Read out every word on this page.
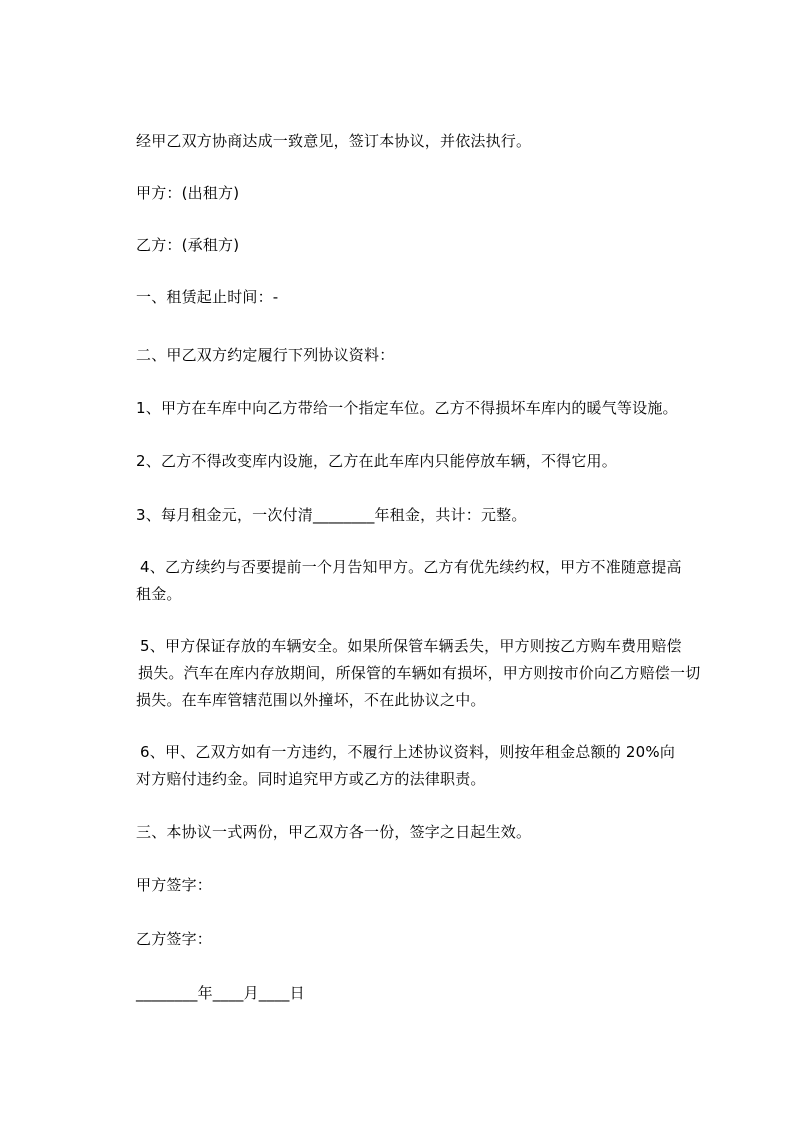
经甲乙双方协商达成一致意见，签订本协议，并依法执行。
甲方：(出租方)
乙方：(承租方)
一、租赁起止时间：-
二、甲乙双方约定履行下列协议资料：
1、甲方在车库中向乙方带给一个指定车位。乙方不得损坏车库内的暖气等设施。
2、乙方不得改变库内设施，乙方在此车库内只能停放车辆，不得它用。
3、每月租金元，一次付清________年租金，共计：元整。
4、乙方续约与否要提前一个月告知甲方。乙方有优先续约权，甲方不准随意提高
租金。
5、甲方保证存放的车辆安全。如果所保管车辆丢失，甲方则按乙方购车费用赔偿
损失。汽车在库内存放期间，所保管的车辆如有损坏，甲方则按市价向乙方赔偿一切
损失。在车库管辖范围以外撞坏，不在此协议之中。
6、甲、乙双方如有一方违约，不履行上述协议资料，则按年租金总额的 20%向
对方赔付违约金。同时追究甲方或乙方的法律职责。
三、本协议一式两份，甲乙双方各一份，签字之日起生效。
甲方签字：
乙方签字：
________年____月____日
